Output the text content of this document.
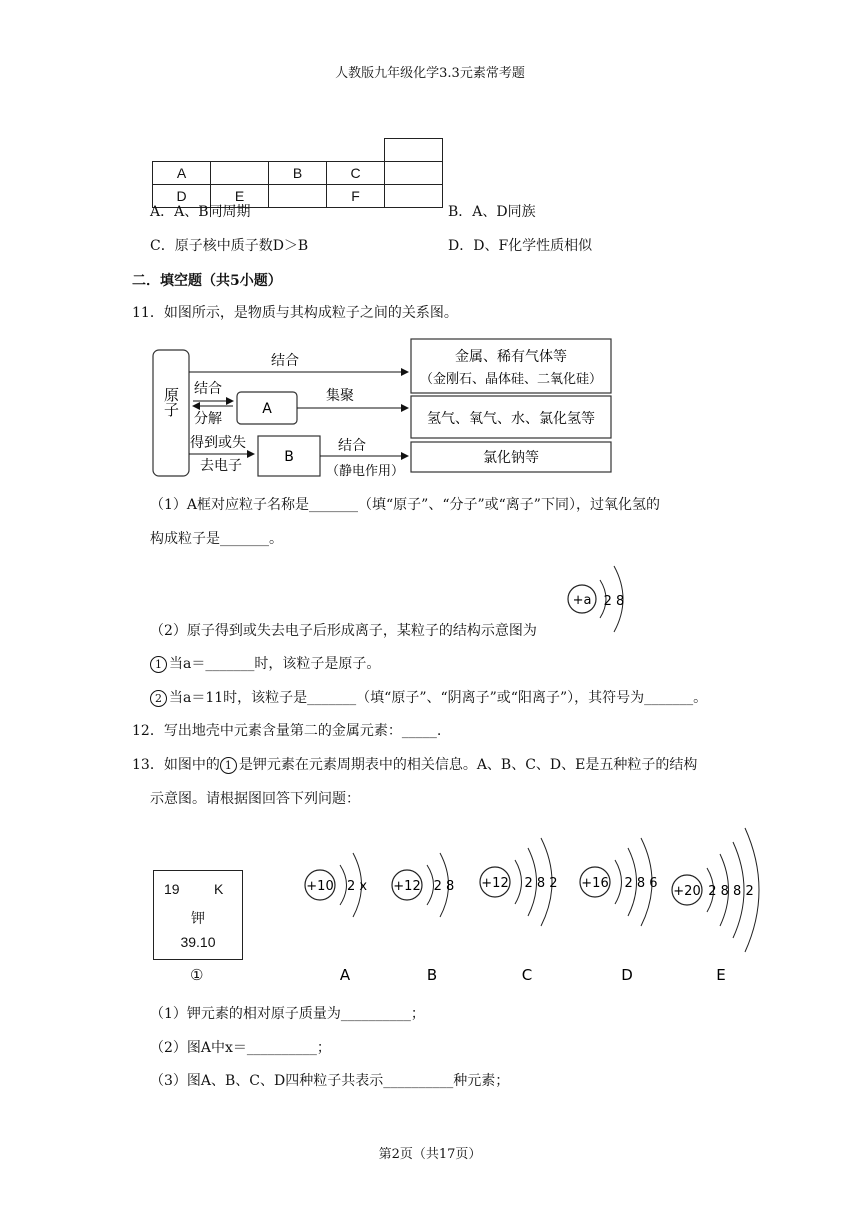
人教版九年级化学3.3元素常考题

A		B	C	
D	E		F	
A．A、B同周期	B．A、D同族
C．原子核中质子数D＞B	D．D、F化学性质相似
二．填空题（共5小题）
11．如图所示，是物质与其构成粒子之间的关系图。
原子
结合	金属、稀有气体等
（金刚石、晶体硅、二氧化硅）
结合
分解
A
集聚
氢气、氧气、水、氯化氢等
得到或失
去电子
B
结合
（静电作用）
氯化钠等
（1）A框对应粒子名称是_______（填“原子”、“分子”或“离子”下同），过氧化氢的
构成粒子是_______。
+a 2 8
（2）原子得到或失去电子后形成离子，某粒子的结构示意图为
1 当a＝_______时，该粒子是原子。
2 当a＝11时，该粒子是_______（填“原子”、“阴离子”或“阳离子”），其符号为_______。
12．写出地壳中元素含量第二的金属元素：_____.
13．如图中的 1 是钾元素在元素周期表中的相关信息。A、B、C、D、E是五种粒子的结构
示意图。请根据图回答下列问题：
19 K
钾
39.10
①
+10 2 x
A
+12 2 8
B
+12 2 8 2
C
+16 2 8 6
D
+20 2 8 8 2
E
（1）钾元素的相对原子质量为__________；
（2）图A中x＝__________；
（3）图A、B、C、D四种粒子共表示__________种元素；
第2页（共17页）
